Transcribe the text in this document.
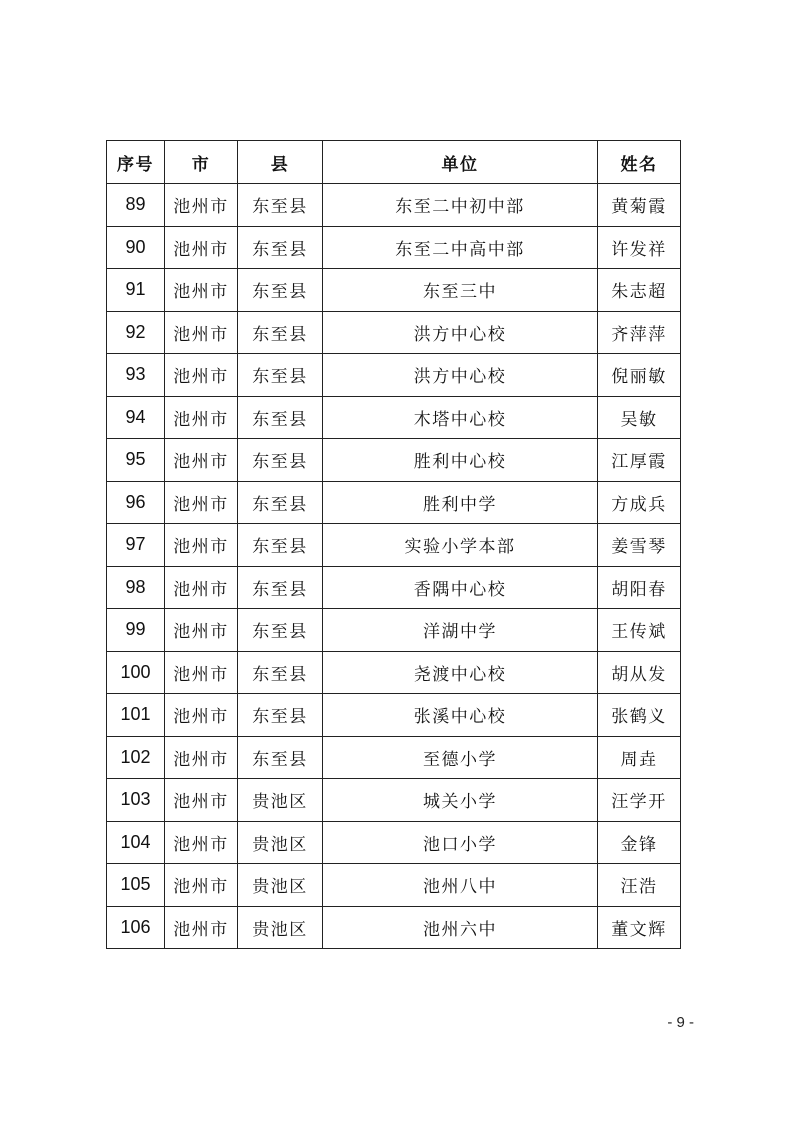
序号	市	县	单位	姓名
89	池州市	东至县	东至二中初中部	黄菊霞
90	池州市	东至县	东至二中高中部	许发祥
91	池州市	东至县	东至三中	朱志超
92	池州市	东至县	洪方中心校	齐萍萍
93	池州市	东至县	洪方中心校	倪丽敏
94	池州市	东至县	木塔中心校	吴敏
95	池州市	东至县	胜利中心校	江厚霞
96	池州市	东至县	胜利中学	方成兵
97	池州市	东至县	实验小学本部	姜雪琴
98	池州市	东至县	香隅中心校	胡阳春
99	池州市	东至县	洋湖中学	王传斌
100	池州市	东至县	尧渡中心校	胡从发
101	池州市	东至县	张溪中心校	张鹤义
102	池州市	东至县	至德小学	周垚
103	池州市	贵池区	城关小学	汪学开
104	池州市	贵池区	池口小学	金锋
105	池州市	贵池区	池州八中	汪浩
106	池州市	贵池区	池州六中	董文辉
- 9 -
